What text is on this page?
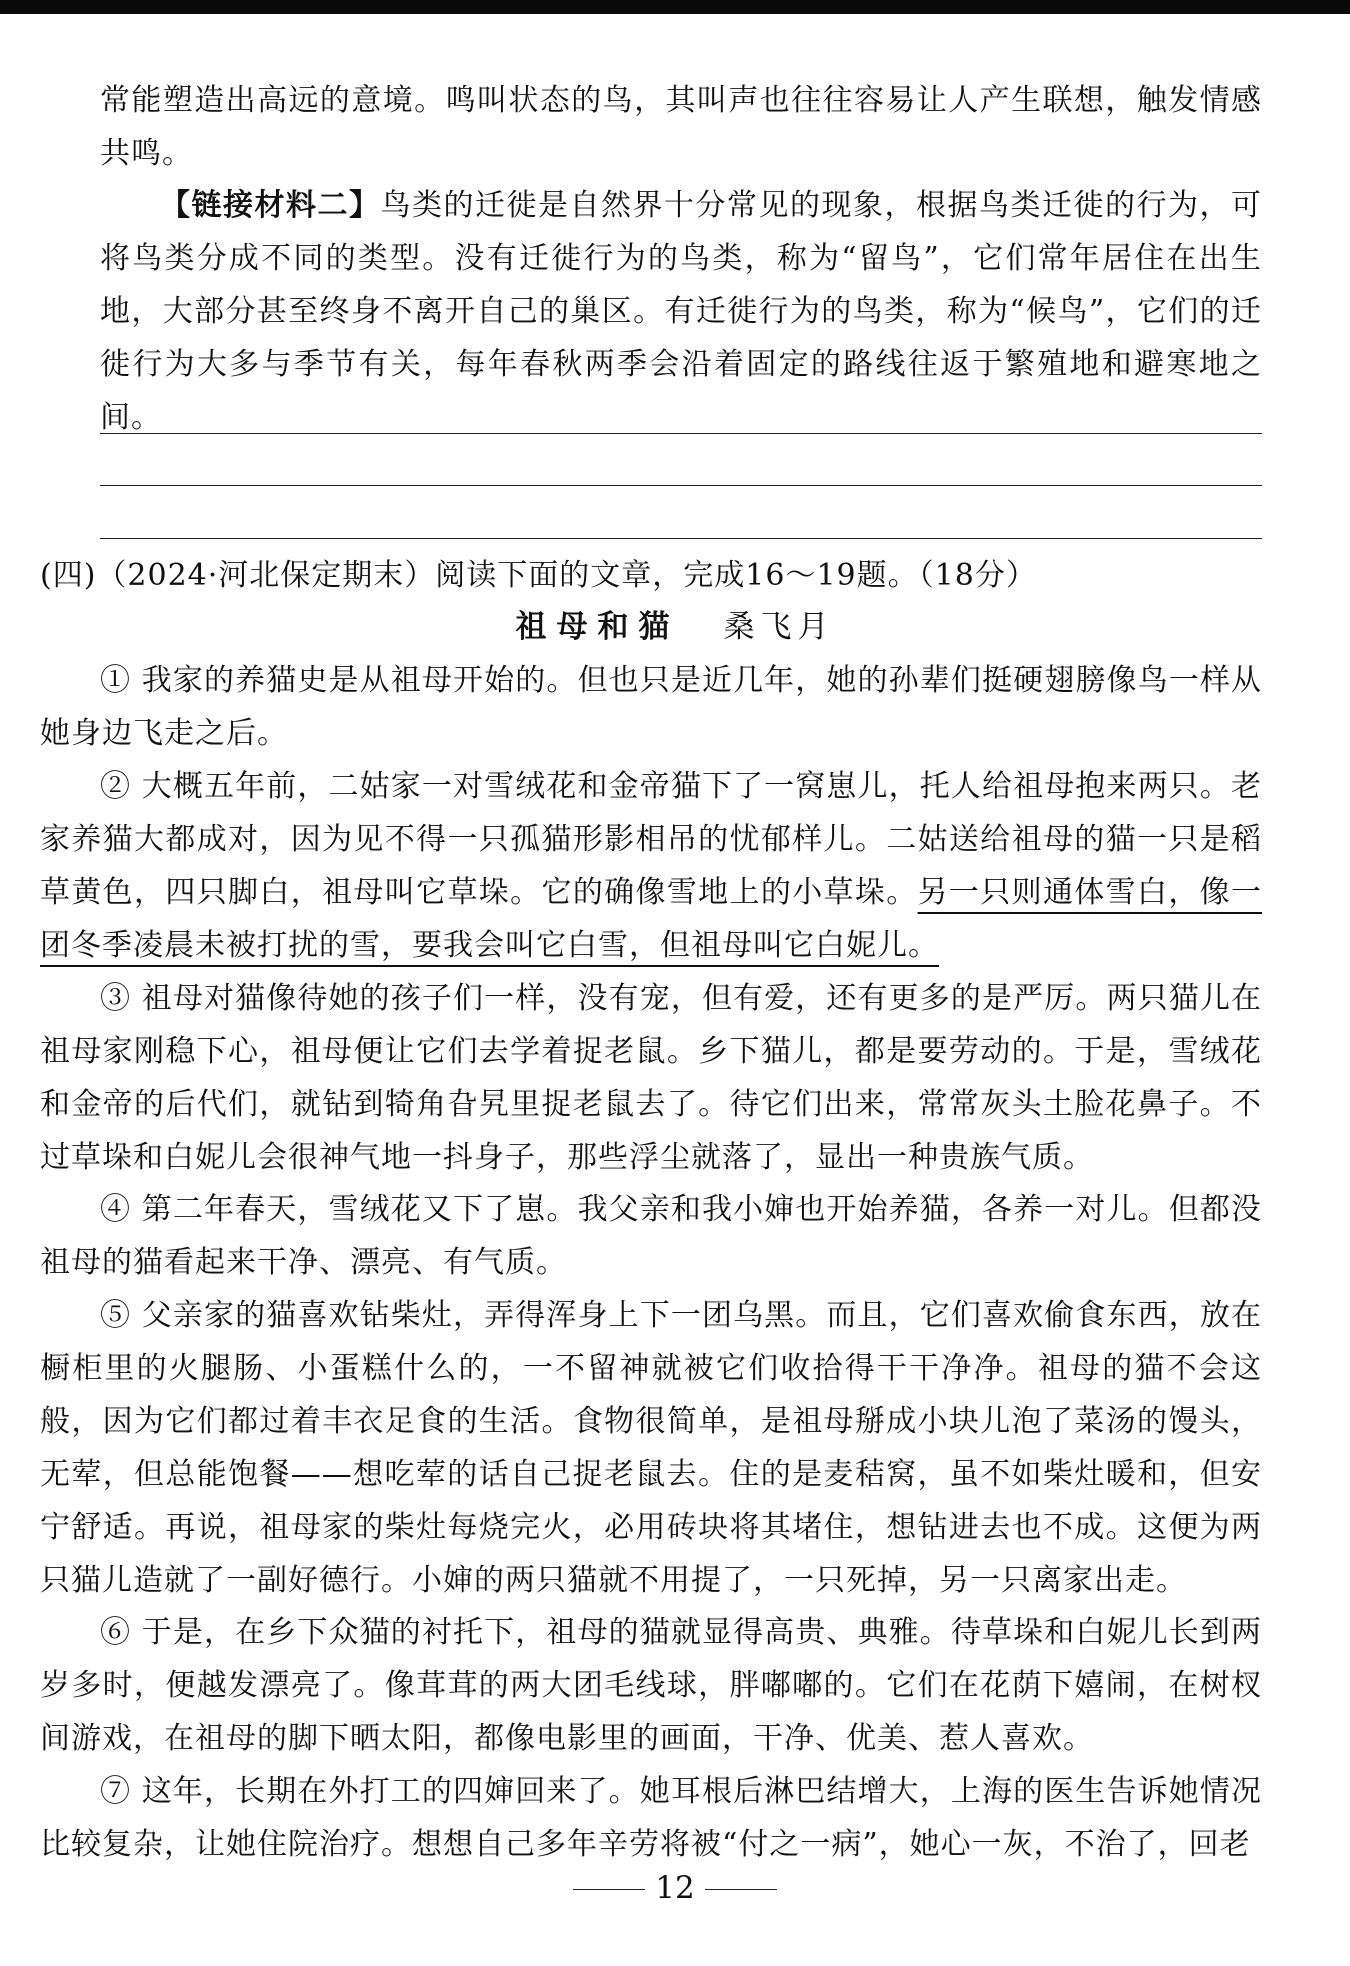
常能塑造出高远的意境。鸣叫状态的鸟，其叫声也往往容易让人产生联想，触发情感共鸣。
【链接材料二】鸟类的迁徙是自然界十分常见的现象，根据鸟类迁徙的行为，可将鸟类分成不同的类型。没有迁徙行为的鸟类，称为“留鸟”，它们常年居住在出生地，大部分甚至终身不离开自己的巢区。有迁徙行为的鸟类，称为“候鸟”，它们的迁徙行为大多与季节有关，每年春秋两季会沿着固定的路线往返于繁殖地和避寒地之间。
(四)（2024·河北保定期末）阅读下面的文章，完成16～19题。（18分）
祖母和猫 桑飞月
① 我家的养猫史是从祖母开始的。但也只是近几年，她的孙辈们挺硬翅膀像鸟一样从她身边飞走之后。
② 大概五年前，二姑家一对雪绒花和金帝猫下了一窝崽儿，托人给祖母抱来两只。老家养猫大都成对，因为见不得一只孤猫形影相吊的忧郁样儿。二姑送给祖母的猫一只是稻草黄色，四只脚白，祖母叫它草垛。它的确像雪地上的小草垛。另一只则通体雪白，像一团冬季凌晨未被打扰的雪，要我会叫它白雪，但祖母叫它白妮儿。
③ 祖母对猫像待她的孩子们一样，没有宠，但有爱，还有更多的是严厉。两只猫儿在祖母家刚稳下心，祖母便让它们去学着捉老鼠。乡下猫儿，都是要劳动的。于是，雪绒花和金帝的后代们，就钻到犄角旮旯里捉老鼠去了。待它们出来，常常灰头土脸花鼻子。不过草垛和白妮儿会很神气地一抖身子，那些浮尘就落了，显出一种贵族气质。
④ 第二年春天，雪绒花又下了崽。我父亲和我小婶也开始养猫，各养一对儿。但都没祖母的猫看起来干净、漂亮、有气质。
⑤ 父亲家的猫喜欢钻柴灶，弄得浑身上下一团乌黑。而且，它们喜欢偷食东西，放在橱柜里的火腿肠、小蛋糕什么的，一不留神就被它们收拾得干干净净。祖母的猫不会这般，因为它们都过着丰衣足食的生活。食物很简单，是祖母掰成小块儿泡了菜汤的馒头，无荤，但总能饱餐——想吃荤的话自己捉老鼠去。住的是麦秸窝，虽不如柴灶暖和，但安宁舒适。再说，祖母家的柴灶每烧完火，必用砖块将其堵住，想钻进去也不成。这便为两只猫儿造就了一副好德行。小婶的两只猫就不用提了，一只死掉，另一只离家出走。
⑥ 于是，在乡下众猫的衬托下，祖母的猫就显得高贵、典雅。待草垛和白妮儿长到两岁多时，便越发漂亮了。像茸茸的两大团毛线球，胖嘟嘟的。它们在花荫下嬉闹，在树杈间游戏，在祖母的脚下晒太阳，都像电影里的画面，干净、优美、惹人喜欢。
⑦ 这年，长期在外打工的四婶回来了。她耳根后淋巴结增大，上海的医生告诉她情况比较复杂，让她住院治疗。想想自己多年辛劳将被“付之一病”，她心一灰，不治了，回老
12
